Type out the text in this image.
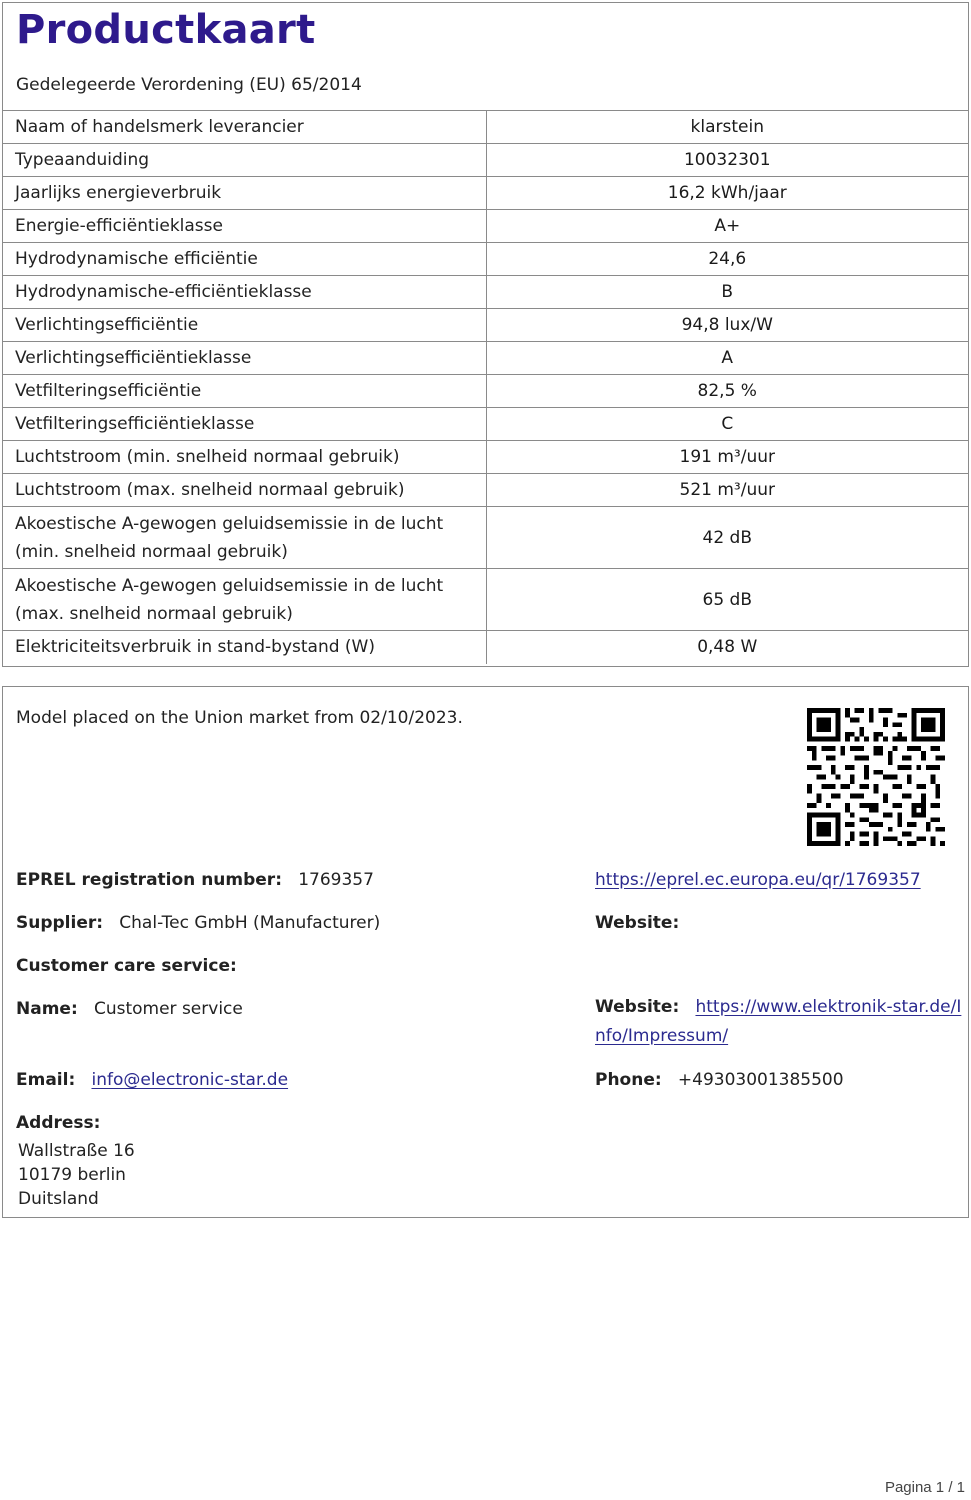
Productkaart
Gedelegeerde Verordening (EU) 65/2014
Naam of handelsmerk leverancier	klarstein
Typeaanduiding	10032301
Jaarlijks energieverbruik	16,2 kWh/jaar
Energie-efficiëntieklasse	A+
Hydrodynamische efficiëntie	24,6
Hydrodynamische-efficiëntieklasse	B
Verlichtingsefficiëntie	94,8 lux/W
Verlichtingsefficiëntieklasse	A
Vetfilteringsefficiëntie	82,5 %
Vetfilteringsefficiëntieklasse	C
Luchtstroom (min. snelheid normaal gebruik)	191 m³/uur
Luchtstroom (max. snelheid normaal gebruik)	521 m³/uur
Akoestische A-gewogen geluidsemissie in de lucht (min. snelheid normaal gebruik)	42 dB
Akoestische A-gewogen geluidsemissie in de lucht (max. snelheid normaal gebruik)	65 dB
Elektriciteitsverbruik in stand-bystand (W)	0,48 W
Model placed on the Union market from 02/10/2023.
EPREL registration number: 1769357	https://eprel.ec.europa.eu/qr/1769357
Supplier: Chal-Tec GmbH (Manufacturer)	Website:
Customer care service:
Name: Customer service	Website: https://www.elektronik-star.de/I
nfo/Impressum/
Email: info@electronic-star.de	Phone: +49303001385500
Address:
Wallstraße 16
10179 berlin
Duitsland
Pagina 1 / 1
